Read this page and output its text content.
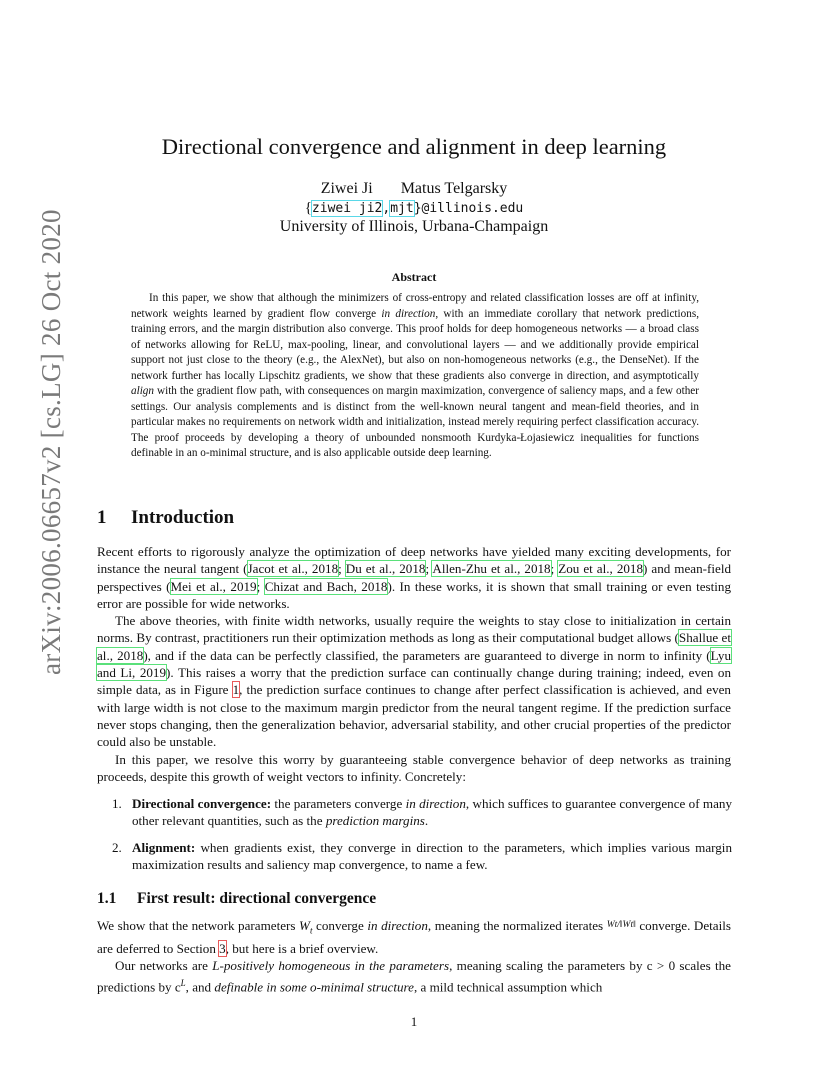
arXiv:2006.06657v2 [cs.LG] 26 Oct 2020
Directional convergence and alignment in deep learning
Ziwei Ji Matus Telgarsky
{ziwei ji2,mjt}@illinois.edu
University of Illinois, Urbana-Champaign
Abstract
In this paper, we show that although the minimizers of cross-entropy and related classification losses are off at infinity, network weights learned by gradient flow converge in direction, with an immediate corollary that network predictions, training errors, and the margin distribution also converge. This proof holds for deep homogeneous networks — a broad class of networks allowing for ReLU, max-pooling, linear, and convolutional layers — and we additionally provide empirical support not just close to the theory (e.g., the AlexNet), but also on non-homogeneous networks (e.g., the DenseNet). If the network further has locally Lipschitz gradients, we show that these gradients also converge in direction, and asymptotically align with the gradient flow path, with consequences on margin maximization, convergence of saliency maps, and a few other settings. Our analysis complements and is distinct from the well-known neural tangent and mean-field theories, and in particular makes no requirements on network width and initialization, instead merely requiring perfect classification accuracy. The proof proceeds by developing a theory of unbounded nonsmooth Kurdyka-Łojasiewicz inequalities for functions definable in an o-minimal structure, and is also applicable outside deep learning.
1 Introduction

Recent efforts to rigorously analyze the optimization of deep networks have yielded many exciting developments, for instance the neural tangent (Jacot et al., 2018; Du et al., 2018; Allen-Zhu et al., 2018; Zou et al., 2018) and mean-field perspectives (Mei et al., 2019; Chizat and Bach, 2018). In these works, it is shown that small training or even testing error are possible for wide networks.

The above theories, with finite width networks, usually require the weights to stay close to initialization in certain norms. By contrast, practitioners run their optimization methods as long as their computational budget allows (Shallue et al., 2018), and if the data can be perfectly classified, the parameters are guaranteed to diverge in norm to infinity (Lyu and Li, 2019). This raises a worry that the prediction surface can continually change during training; indeed, even on simple data, as in Figure 1, the prediction surface continues to change after perfect classification is achieved, and even with large width is not close to the maximum margin predictor from the neural tangent regime. If the prediction surface never stops changing, then the generalization behavior, adversarial stability, and other crucial properties of the predictor could also be unstable.

In this paper, we resolve this worry by guaranteeing stable convergence behavior of deep networks as training proceeds, despite this growth of weight vectors to infinity. Concretely:

1. Directional convergence: the parameters converge in direction, which suffices to guarantee convergence of many other relevant quantities, such as the prediction margins.
2. Alignment: when gradients exist, they converge in direction to the parameters, which implies various margin maximization results and saliency map convergence, to name a few.
1.1 First result: directional convergence

We show that the network parameters $W_t$ converge in direction, meaning the normalized iterates $^{Wt/‖Wt‖}$ converge. Details are deferred to Section 3, but here is a brief overview.

Our networks are L-positively homogeneous in the parameters, meaning scaling the parameters by c > 0 scales the predictions by $c^L$, and definable in some o-minimal structure, a mild technical assumption which

1
